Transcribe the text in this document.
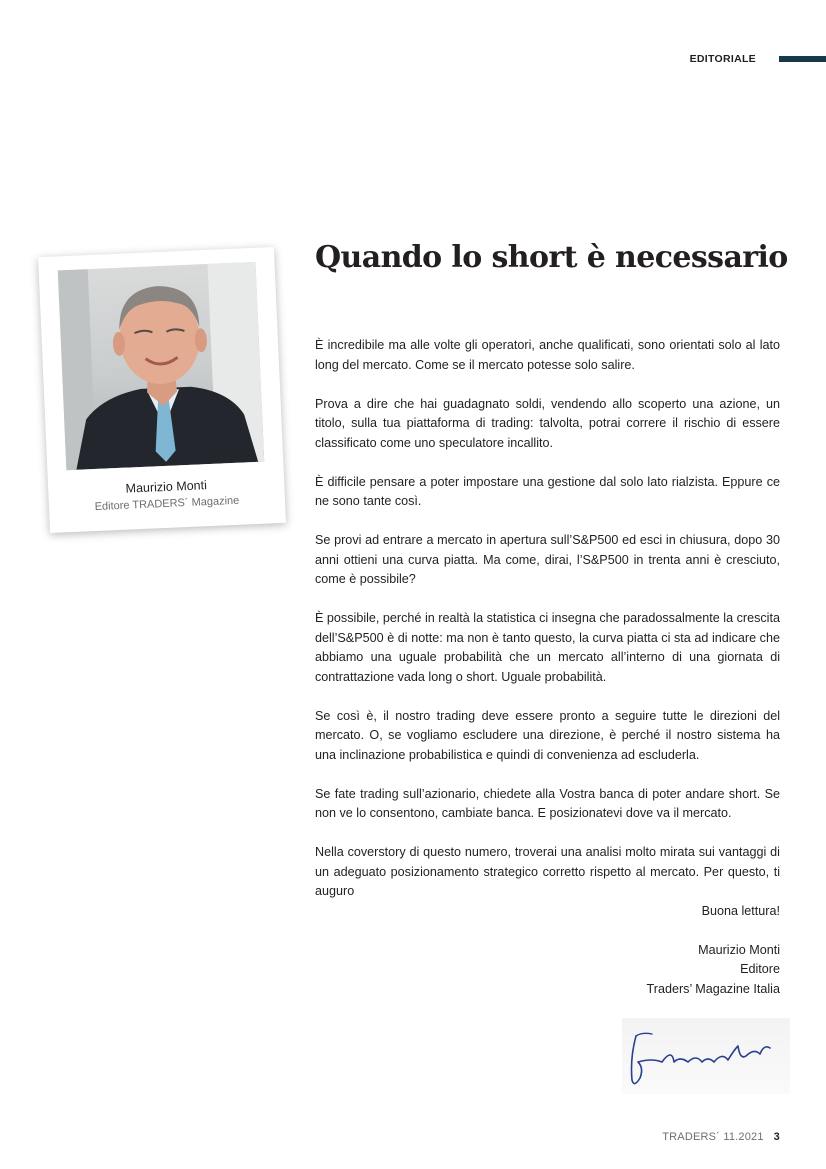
EDITORIALE
Maurizio Monti
Editore TRADERS´ Magazine
Quando lo short è necessario

È incredibile ma alle volte gli operatori, anche qualificati, sono orientati solo al lato long del mercato. Come se il mercato potesse solo salire.

Prova a dire che hai guadagnato soldi, vendendo allo scoperto una azione, un titolo, sulla tua piattaforma di trading: talvolta, potrai correre il rischio di essere classificato come uno speculatore incallito.

È difficile pensare a poter impostare una gestione dal solo lato rialzista. Eppure ce ne sono tante così.

Se provi ad entrare a mercato in apertura sull’S&P500 ed esci in chiusura, dopo 30 anni ottieni una curva piatta. Ma come, dirai, l’S&P500 in trenta anni è cresciuto, come è possibile?

È possibile, perché in realtà la statistica ci insegna che paradossalmente la crescita dell’S&P500 è di notte: ma non è tanto questo, la curva piatta ci sta ad indicare che abbiamo una uguale probabilità che un mercato all’interno di una giornata di contrattazione vada long o short. Uguale probabilità.

Se così è, il nostro trading deve essere pronto a seguire tutte le direzioni del mercato. O, se vogliamo escludere una direzione, è perché il nostro sistema ha una inclinazione probabilistica e quindi di convenienza ad escluderla.

Se fate trading sull’azionario, chiedete alla Vostra banca di poter andare short. Se non ve lo consentono, cambiate banca. E posizionatevi dove va il mercato.

Nella coverstory di questo numero, troverai una analisi molto mirata sui vantaggi di un adeguato posizionamento strategico corretto rispetto al mercato. Per questo, ti auguro

Buona lettura!
Maurizio Monti
Editore
Traders’ Magazine Italia
TRADERS´ 11.2021 3
